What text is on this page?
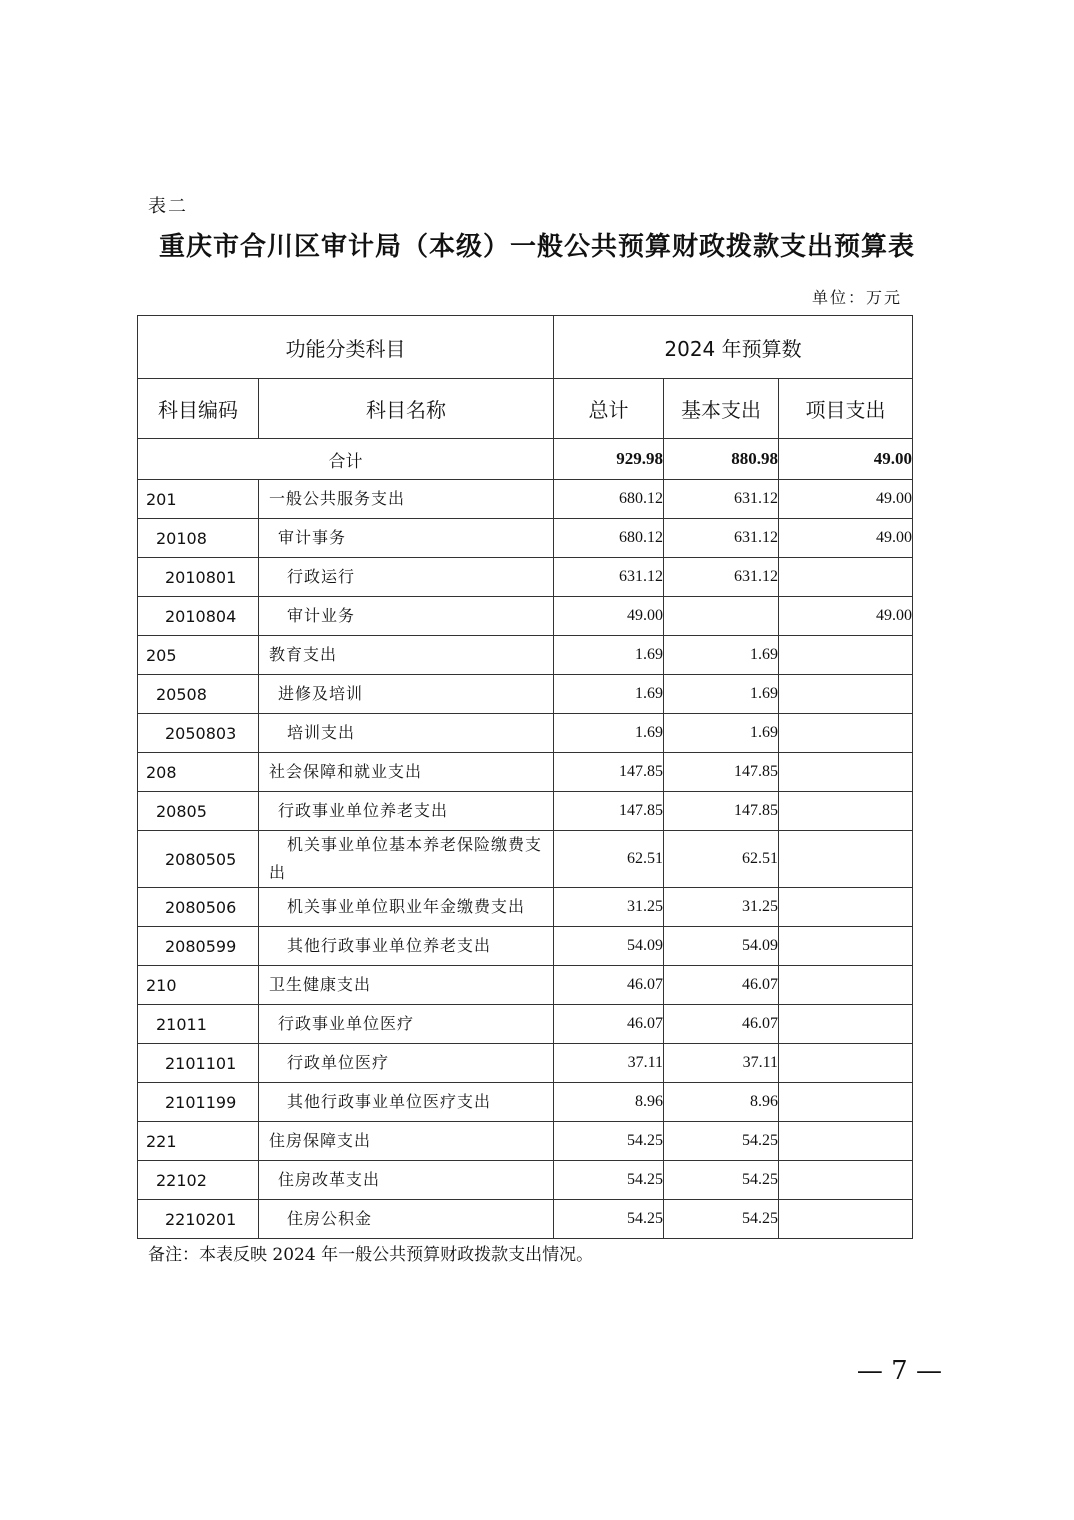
表二
重庆市合川区审计局（本级）一般公共预算财政拨款支出预算表
单位：万元
功能分类科目		2024 年预算数		
科目编码	科目名称	总计	基本支出	项目支出
合计		929.98	880.98	49.00
201	一般公共服务支出	680.12	631.12	49.00
20108	审计事务	680.12	631.12	49.00
2010801	行政运行	631.12	631.12	
2010804	审计业务	49.00		49.00
205	教育支出	1.69	1.69	
20508	进修及培训	1.69	1.69	
2050803	培训支出	1.69	1.69	
208	社会保障和就业支出	147.85	147.85	
20805	行政事业单位养老支出	147.85	147.85	
2080505	机关事业单位基本养老保险缴费支出	62.51	62.51	
2080506	机关事业单位职业年金缴费支出	31.25	31.25	
2080599	其他行政事业单位养老支出	54.09	54.09	
210	卫生健康支出	46.07	46.07	
21011	行政事业单位医疗	46.07	46.07	
2101101	行政单位医疗	37.11	37.11	
2101199	其他行政事业单位医疗支出	8.96	8.96	
221	住房保障支出	54.25	54.25	
22102	住房改革支出	54.25	54.25	
2210201	住房公积金	54.25	54.25	
备注：本表反映 2024 年一般公共预算财政拨款支出情况。
— 7 —
